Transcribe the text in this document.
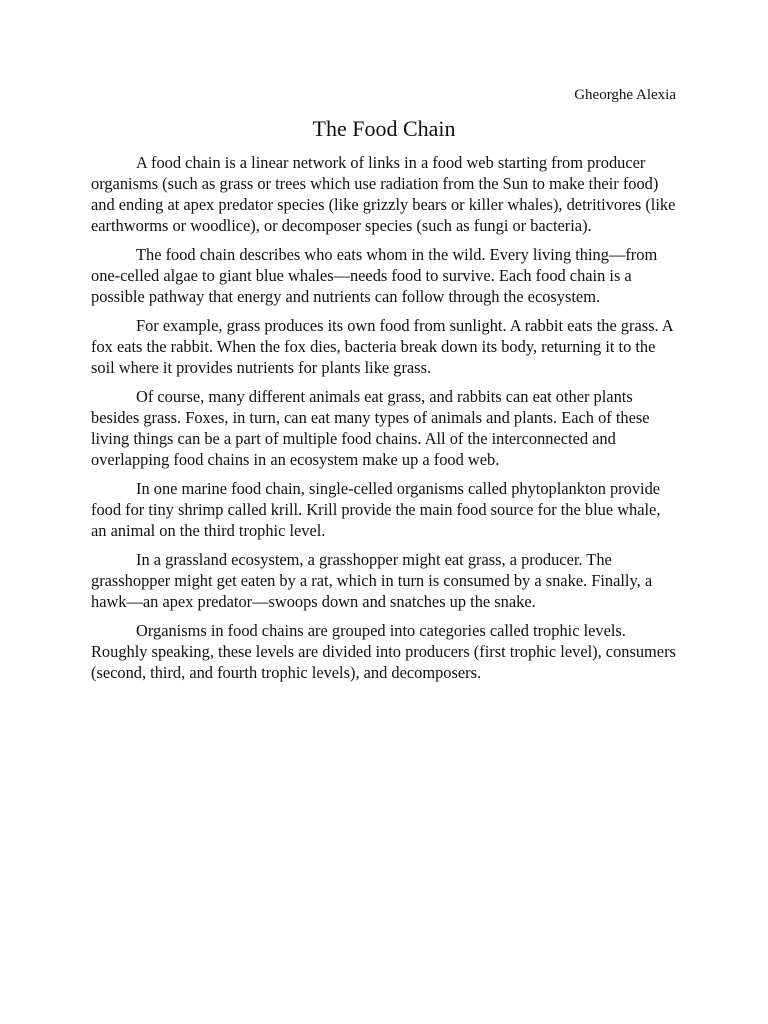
Gheorghe Alexia
The Food Chain

A food chain is a linear network of links in a food web starting from producer organisms (such as grass or trees which use radiation from the Sun to make their food) and ending at apex predator species (like grizzly bears or killer whales), detritivores (like earthworms or woodlice), or decomposer species (such as fungi or bacteria).

The food chain describes who eats whom in the wild. Every living thing—from one-celled algae to giant blue whales—needs food to survive. Each food chain is a possible pathway that energy and nutrients can follow through the ecosystem.

For example, grass produces its own food from sunlight. A rabbit eats the grass. A fox eats the rabbit. When the fox dies, bacteria break down its body, returning it to the soil where it provides nutrients for plants like grass.

Of course, many different animals eat grass, and rabbits can eat other plants besides grass. Foxes, in turn, can eat many types of animals and plants. Each of these living things can be a part of multiple food chains. All of the interconnected and overlapping food chains in an ecosystem make up a food web.

In one marine food chain, single-celled organisms called phytoplankton provide food for tiny shrimp called krill. Krill provide the main food source for the blue whale, an animal on the third trophic level.

In a grassland ecosystem, a grasshopper might eat grass, a producer. The grasshopper might get eaten by a rat, which in turn is consumed by a snake. Finally, a hawk—an apex predator—swoops down and snatches up the snake.

Organisms in food chains are grouped into categories called trophic levels. Roughly speaking, these levels are divided into producers (first trophic level), consumers (second, third, and fourth trophic levels), and decomposers.
